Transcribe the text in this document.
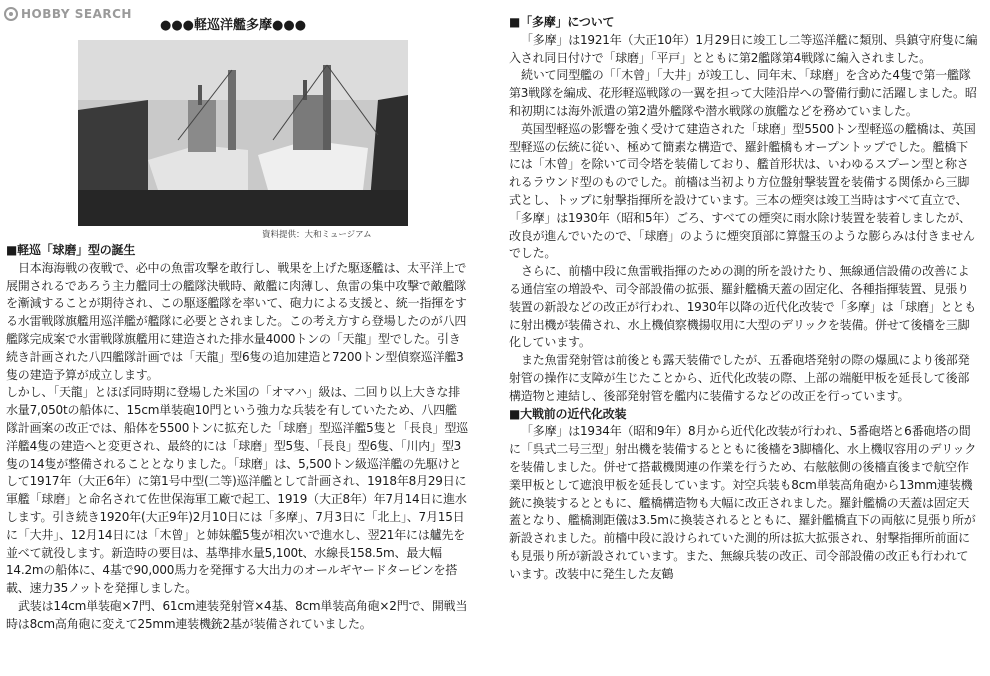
HOBBY SEARCH
●●●軽巡洋艦多摩●●●
資料提供：大和ミュージアム

■軽巡「球磨」型の誕生

日本海海戦の夜戦で、必中の魚雷攻撃を敢行し、戦果を上げた駆逐艦は、太平洋上で展開されるであろう主力艦同士の艦隊決戦時、敵艦に肉薄し、魚雷の集中攻撃で敵艦隊を漸減することが期待され、この駆逐艦隊を率いて、砲力による支援と、統一指揮をする水雷戦隊旗艦用巡洋艦が艦隊に必要とされました。この考え方すら登場したのが八四艦隊完成案で水雷戦隊旗艦用に建造された排水量4000トンの「天龍」型でした。引き続き計画された八四艦隊計画では「天龍」型6隻の追加建造と7200トン型偵察巡洋艦3隻の建造予算が成立します。

しかし、「天龍」とほぼ同時期に登場した米国の「オマハ」級は、二回り以上大きな排水量7,050tの船体に、15cm単装砲10門という強力な兵装を有していたため、八四艦隊計画案の改正では、船体を5500トンに拡充した「球磨」型巡洋艦5隻と「長良」型巡洋艦4隻の建造へと変更され、最終的には「球磨」型5隻、「長良」型6隻、「川内」型3隻の14隻が整備されることとなりました。「球磨」は、5,500トン級巡洋艦の先駆けとして1917年（大正6年）に第1号中型(二等)巡洋艦として計画され、1918年8月29日に軍艦「球磨」と命名されて佐世保海軍工廠で起工、1919（大正8年）年7月14日に進水します。引き続き1920年(大正9年)2月10日には「多摩」、7月3日に「北上」、7月15日に「大井」、12月14日には「木曾」と姉妹艦5隻が相次いで進水し、翌21年には艫先を並べて就役します。新造時の要目は、基準排水量5,100t、水線長158.5m、最大幅14.2mの船体に、4基で90,000馬力を発揮する大出力のオールギヤードタービンを搭載、速力35ノットを発揮しました。

武装は14cm単装砲×7門、61cm連装発射管×4基、8cm単装高角砲×2門で、開戦当時は8cm高角砲に変えて25mm連装機銃2基が装備されていました。

■「多摩」について

「多摩」は1921年（大正10年）1月29日に竣工し二等巡洋艦に類別、呉鎮守府隻に編入され同日付けで「球磨」「平戸」とともに第2艦隊第4戦隊に編入されました。

続いて同型艦の「「木曾」「大井」が竣工し、同年末、「球磨」を含めた4隻で第一艦隊第3戦隊を編成、花形軽巡戦隊の一翼を担って大陸沿岸への警備行動に活躍しました。昭和初期には海外派遣の第2遣外艦隊や潜水戦隊の旗艦などを務めていました。

英国型軽巡の影響を強く受けて建造された「球磨」型5500トン型軽巡の艦橋は、英国型軽巡の伝統に従い、極めて簡素な構造で、羅針艦橋もオープントップでした。艦橋下には「木曾」を除いて司令塔を装備しており、艦首形状は、いわゆるスプーン型と称されるラウンド型のものでした。前檣は当初より方位盤射撃装置を装備する関係から三脚式とし、トップに射撃指揮所を設けています。三本の煙突は竣工当時はすべて直立で、「多摩」は1930年（昭和5年）ごろ、すべての煙突に雨水除け装置を装着しましたが、改良が進んでいたので、「球磨」のように煙突頂部に算盤玉のような膨らみは付きませんでした。

さらに、前檣中段に魚雷戦指揮のための測的所を設けたり、無線通信設備の改善による通信室の増設や、司令部設備の拡張、羅針艦橋天蓋の固定化、各種指揮装置、見張り装置の新設などの改正が行われ、1930年以降の近代化改装で「多摩」は「球磨」とともに射出機が装備され、水上機偵察機揚収用に大型のデリックを装備。併せて後檣を三脚化しています。

また魚雷発射管は前後とも露天装備でしたが、五番砲塔発射の際の爆風により後部発射管の操作に支障が生じたことから、近代化改装の際、上部の端艇甲板を延長して後部構造物と連結し、後部発射管を艦内に装備するなどの改正を行っています。

■大戦前の近代化改装

「多摩」は1934年（昭和9年）8月から近代化改装が行われ、5番砲塔と6番砲塔の間に「呉式二号三型」射出機を装備するとともに後檣を3脚檣化、水上機収容用のデリックを装備しました。併せて搭載機関連の作業を行うため、右舷舷側の後檣直後まで航空作業甲板として遮浪甲板を延長しています。対空兵装も8cm単装高角砲から13mm連装機銃に換装するとともに、艦橋構造物も大幅に改正されました。羅針艦橋の天蓋は固定天蓋となり、艦橋測距儀は3.5mに換装されるとともに、羅針艦橋直下の両舷に見張り所が新設されました。前檣中段に設けられていた測的所は拡大拡張され、射撃指揮所前面にも見張り所が新設されています。また、無線兵装の改正、司令部設備の改正も行われています。改装中に発生した友鶴
